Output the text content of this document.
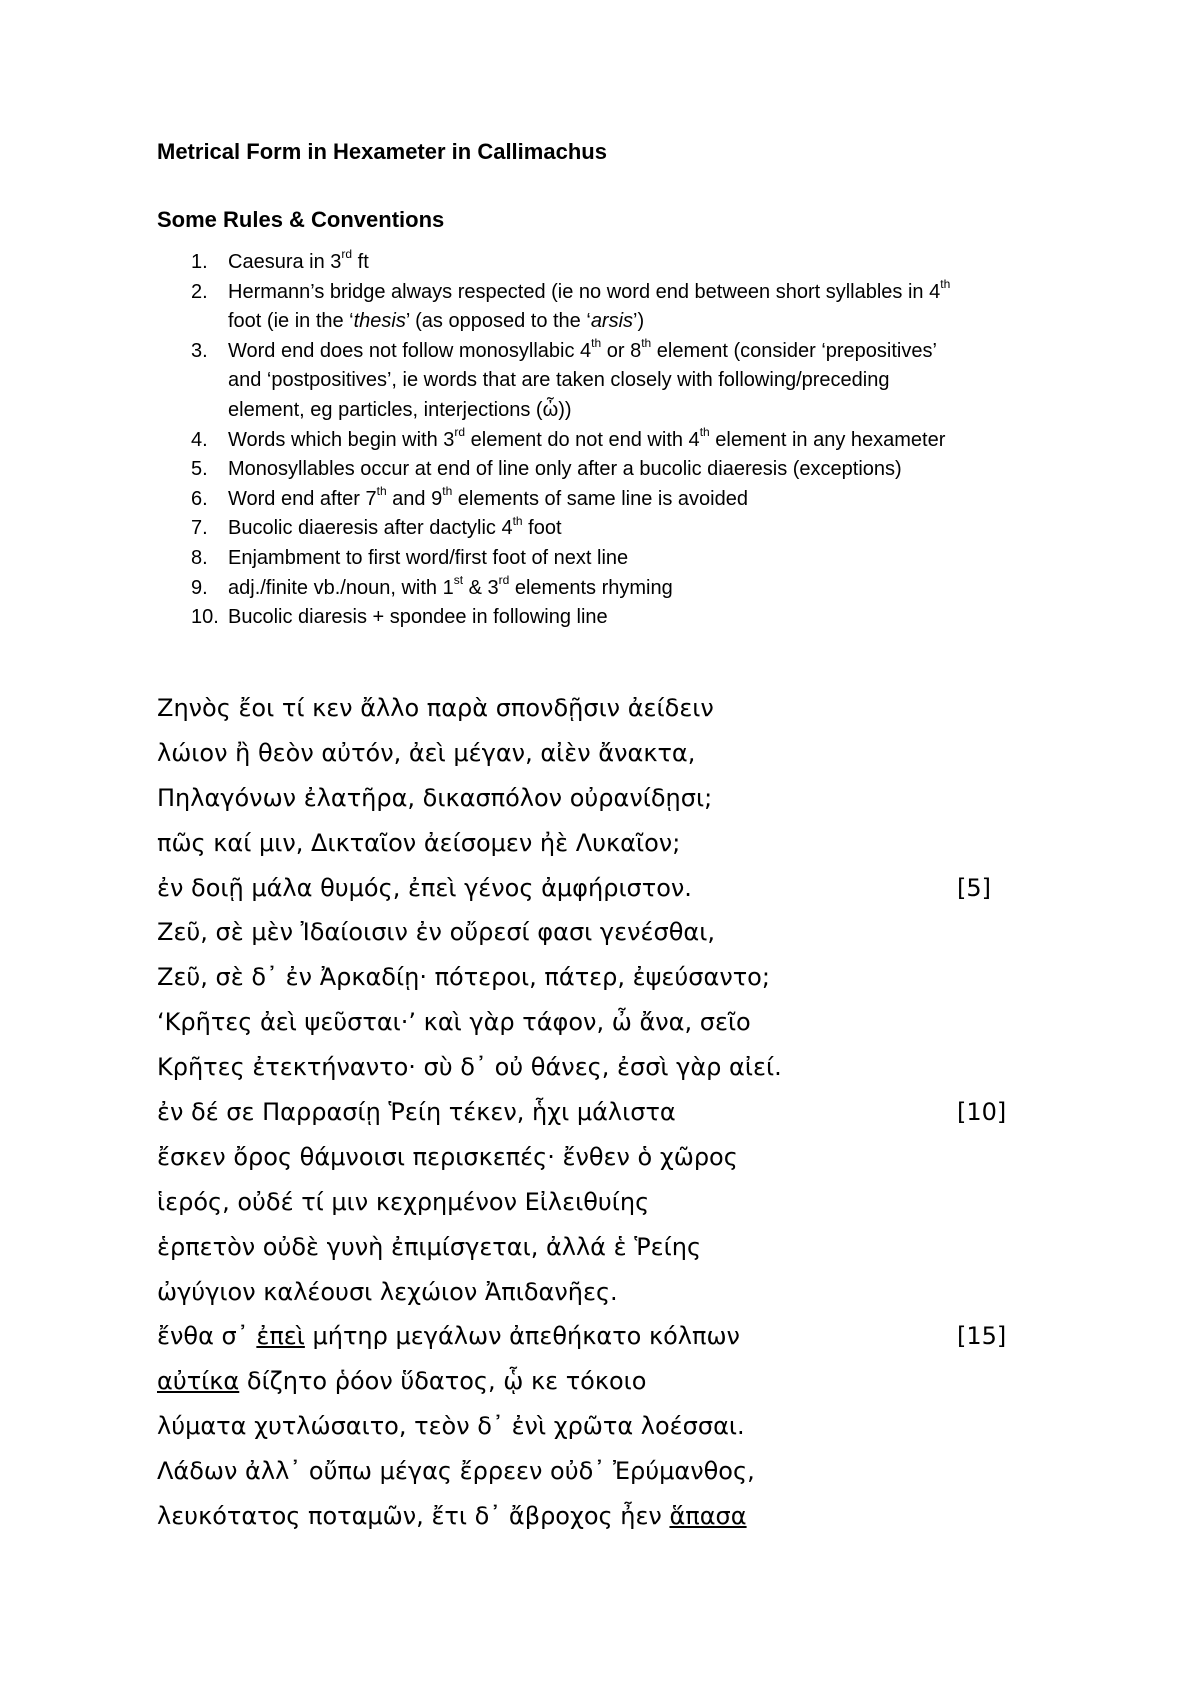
Metrical Form in Hexameter in Callimachus
Some Rules & Conventions
1.	Caesura in 3rd ft
2.	Hermann’s bridge always respected (ie no word end between short syllables in 4th
foot (ie in the ‘thesis’ (as opposed to the ‘arsis’)
3.	Word end does not follow monosyllabic 4th or 8th element (consider ‘prepositives’
and ‘postpositives’, ie words that are taken closely with following/preceding
element, eg particles, interjections (ὦ))
4.	Words which begin with 3rd element do not end with 4th element in any hexameter
5.	Monosyllables occur at end of line only after a bucolic diaeresis (exceptions)
6.	Word end after 7th and 9th elements of same line is avoided
7.	Bucolic diaeresis after dactylic 4th foot
8.	Enjambment to first word/first foot of next line
9.	adj./finite vb./noun, with 1st & 3rd elements rhyming
10. Bucolic diaresis + spondee in following line
Ζηνὸς ἔοι τί κεν ἄλλο παρὰ σπονδῇσιν ἀείδειν
λώιον ἢ θεὸν αὐτόν, ἀεὶ μέγαν, αἰὲν ἄνακτα,
Πηλαγόνων ἐλατῆρα, δικασπόλον οὐρανίδῃσι;
πῶς καί μιν, Δικταῖον ἀείσομεν ἠὲ Λυκαῖον;
ἐν δοιῇ μάλα θυμός, ἐπεὶ γένος ἀμφήριστον.	[5]
Ζεῦ, σὲ μὲν Ἰδαίοισιν ἐν οὔρεσί φασι γενέσθαι,
Ζεῦ, σὲ δ᾽ ἐν Ἀρκαδίῃ· πότεροι, πάτερ, ἐψεύσαντο;
‘Κρῆτες ἀεὶ ψεῦσται·’ καὶ γὰρ τάφον, ὦ ἄνα, σεῖο
Κρῆτες ἐτεκτήναντο· σὺ δ᾽ οὐ θάνες, ἐσσὶ γὰρ αἰεί.
ἐν δέ σε Παρρασίῃ Ῥείη τέκεν, ἧχι μάλιστα	[10]
ἔσκεν ὄρος θάμνοισι περισκεπές· ἔνθεν ὁ χῶρος
ἱερός, οὐδέ τί μιν κεχρημένον Εἰλειθυίης
ἑρπετὸν οὐδὲ γυνὴ ἐπιμίσγεται, ἀλλά ἑ Ῥείης
ὠγύγιον καλέουσι λεχώιον Ἀπιδανῆες.
ἔνθα σ᾽ ἐπεὶ μήτηρ μεγάλων ἀπεθήκατο κόλπων	[15]
αὐτίκα δίζητο ῥόον ὕδατος, ᾧ κε τόκοιο
λύματα χυτλώσαιτο, τεὸν δ᾽ ἐνὶ χρῶτα λοέσσαι.
Λάδων ἀλλ᾽ οὔπω μέγας ἔρρεεν οὐδ᾽ Ἐρύμανθος,
λευκότατος ποταμῶν, ἔτι δ᾽ ἄβροχος ἦεν ἅπασα
